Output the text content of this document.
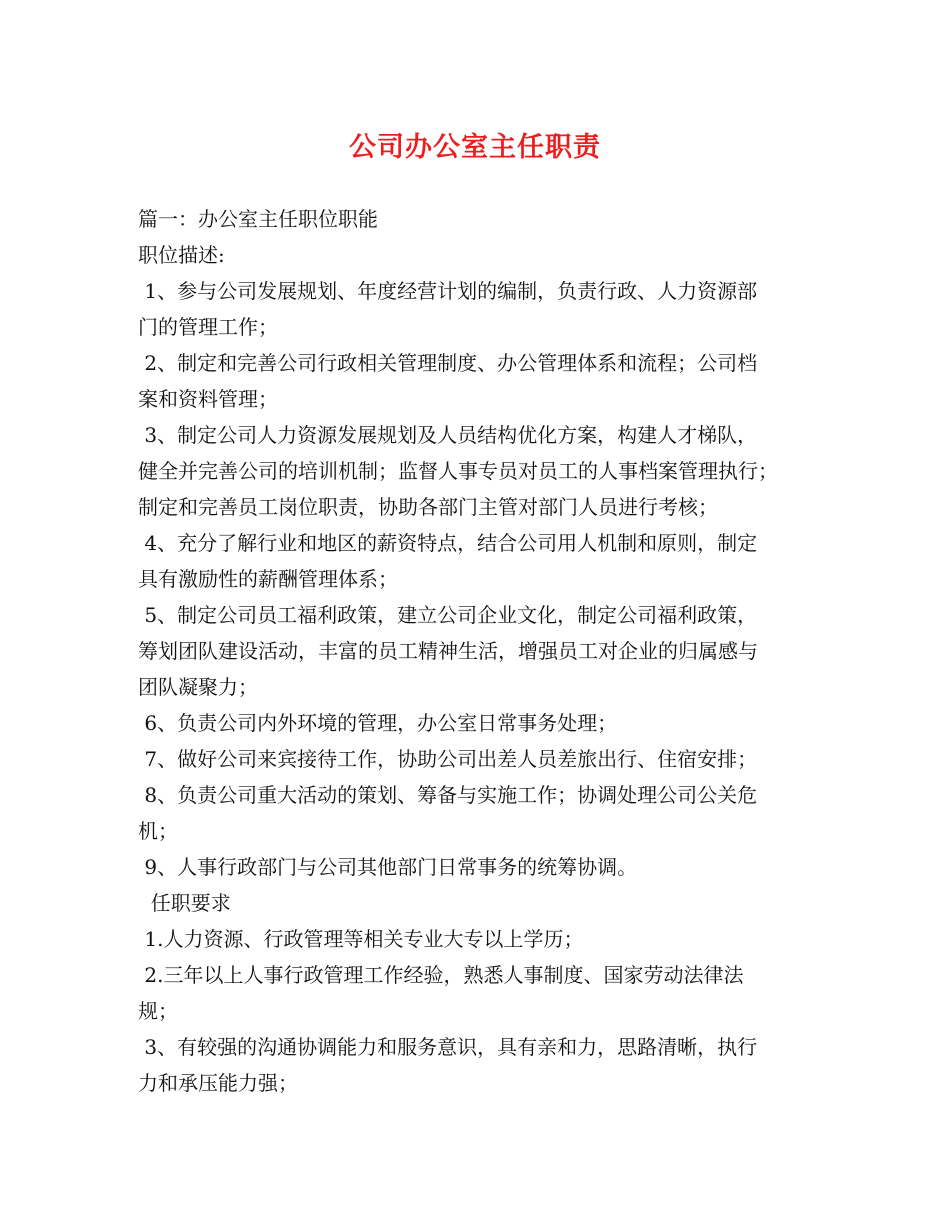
公司办公室主任职责
篇一：办公室主任职位职能
职位描述:
1、参与公司发展规划、年度经营计划的编制，负责行政、人力资源部
门的管理工作；
2、制定和完善公司行政相关管理制度、办公管理体系和流程；公司档
案和资料管理；
3、制定公司人力资源发展规划及人员结构优化方案，构建人才梯队，
健全并完善公司的培训机制；监督人事专员对员工的人事档案管理执行；
制定和完善员工岗位职责，协助各部门主管对部门人员进行考核；
4、充分了解行业和地区的薪资特点，结合公司用人机制和原则，制定
具有激励性的薪酬管理体系；
5、制定公司员工福利政策，建立公司企业文化，制定公司福利政策，
筹划团队建设活动，丰富的员工精神生活，增强员工对企业的归属感与
团队凝聚力；
6、负责公司内外环境的管理，办公室日常事务处理；
7、做好公司来宾接待工作，协助公司出差人员差旅出行、住宿安排；
8、负责公司重大活动的策划、筹备与实施工作；协调处理公司公关危
机；
9、人事行政部门与公司其他部门日常事务的统筹协调。
任职要求
1.人力资源、行政管理等相关专业大专以上学历；
2.三年以上人事行政管理工作经验，熟悉人事制度、国家劳动法律法
规；
3、有较强的沟通协调能力和服务意识，具有亲和力，思路清晰，执行
力和承压能力强；
